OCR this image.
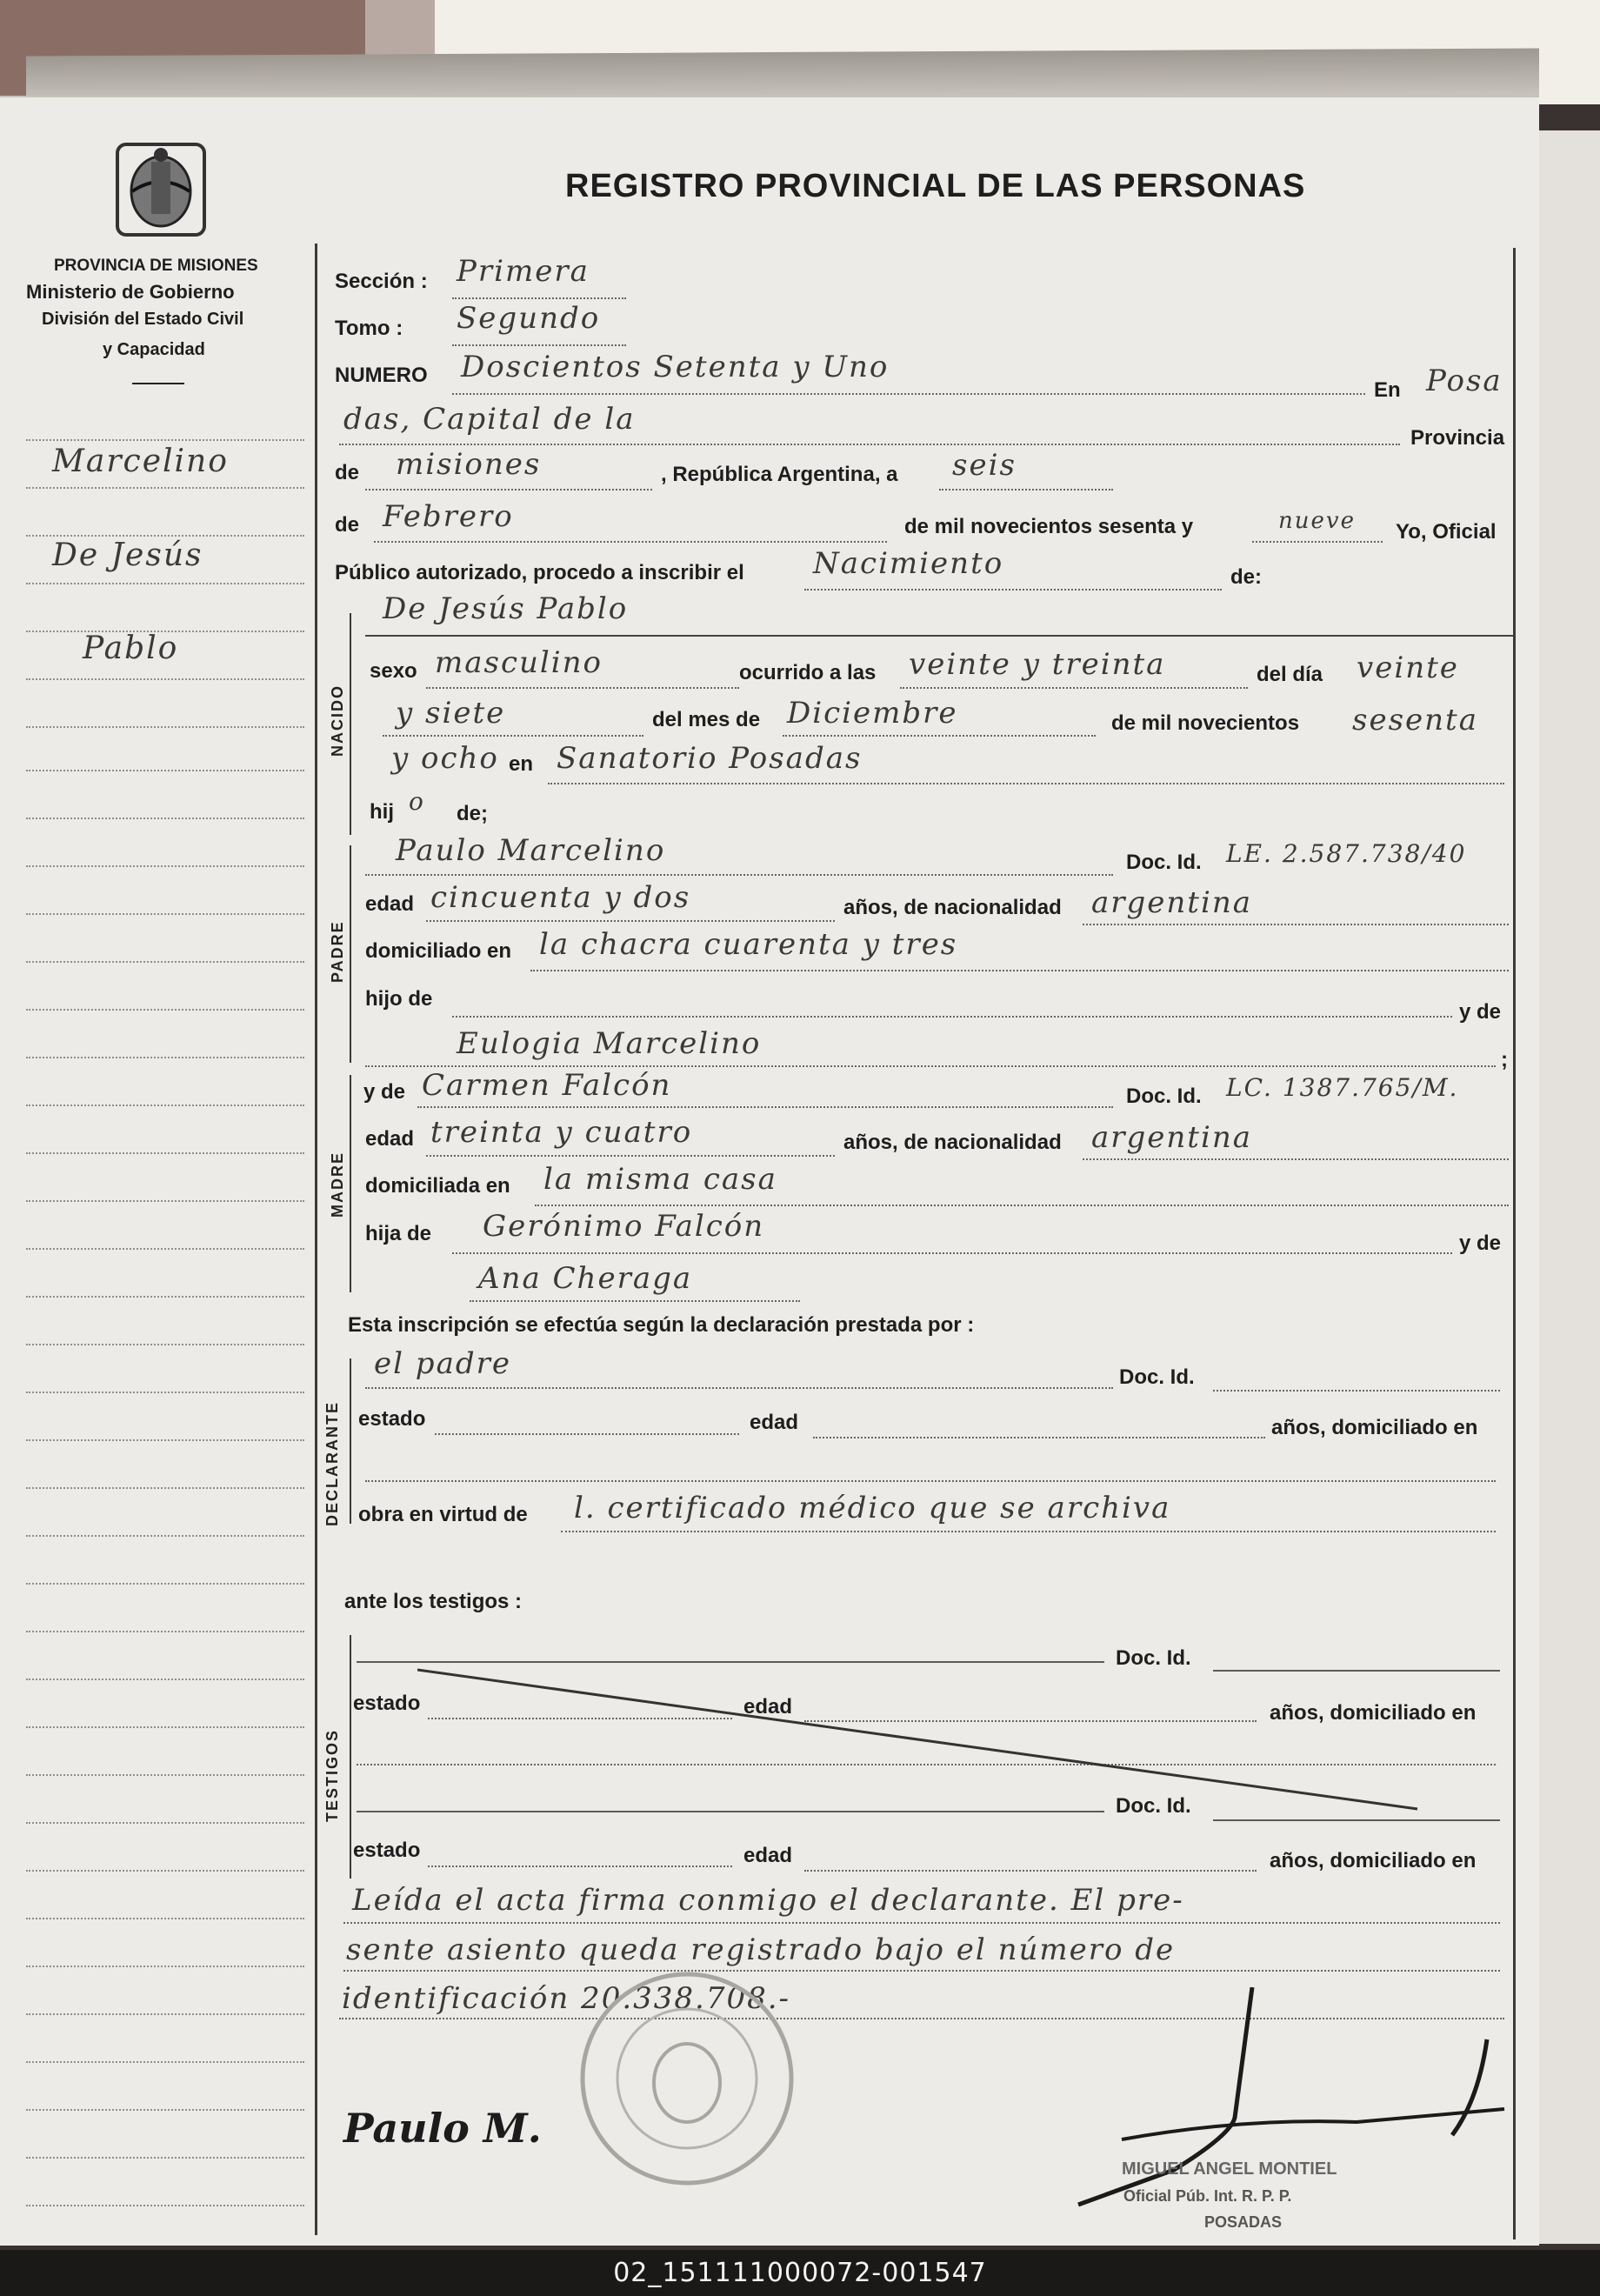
REGISTRO PROVINCIAL DE LAS PERSONAS
PROVINCIA DE MISIONES
Ministerio de Gobierno
División del Estado Civil
y Capacidad
Marcelino
De Jesús
Pablo
Sección : Primera
Tomo : Segundo
NUMERO Doscientos Setenta y Uno
En Posa
das, Capital de la
Provincia
de misiones	, República Argentina, a seis
de Febrero	de mil novecientos sesenta y	nueve Yo, Oficial
Público autorizado, procedo a inscribir el Nacimiento	de:
NACIDO
De Jesús Pablo
sexo masculino	ocurrido a las veinte y treinta	del día veinte
y siete	del mes de Diciembre	de mil novecientos sesenta
y ocho en Sanatorio Posadas
hij o de;
PADRE
Paulo Marcelino	Doc. Id. LE. 2.587.738/40
edad cincuenta y dos	años, de nacionalidad argentina
domiciliado en la chacra cuarenta y tres
hijo de
y de
Eulogia Marcelino	;
MADRE
y de Carmen Falcón	Doc. Id. LC. 1387.765/M.
edad treinta y cuatro	años, de nacionalidad argentina
domiciliada en la misma casa
hija de Gerónimo Falcón	y de
Ana Cheraga
Esta inscripción se efectúa según la declaración prestada por :
DECLARANTE
el padre	Doc. Id.
estado	edad	años, domiciliado en
obra en virtud de l. certificado médico que se archiva
ante los testigos :
TESTIGOS
Doc. Id.
estado	edad	años, domiciliado en
Doc. Id.
estado	edad	años, domiciliado en
Leída el acta firma conmigo el declarante. El pre-
sente asiento queda registrado bajo el número de
identificación 20.338.708.-
Paulo M.
MIGUEL ANGEL MONTIEL
Oficial Púb. Int. R. P. P.
POSADAS
02_151111000072-001547
